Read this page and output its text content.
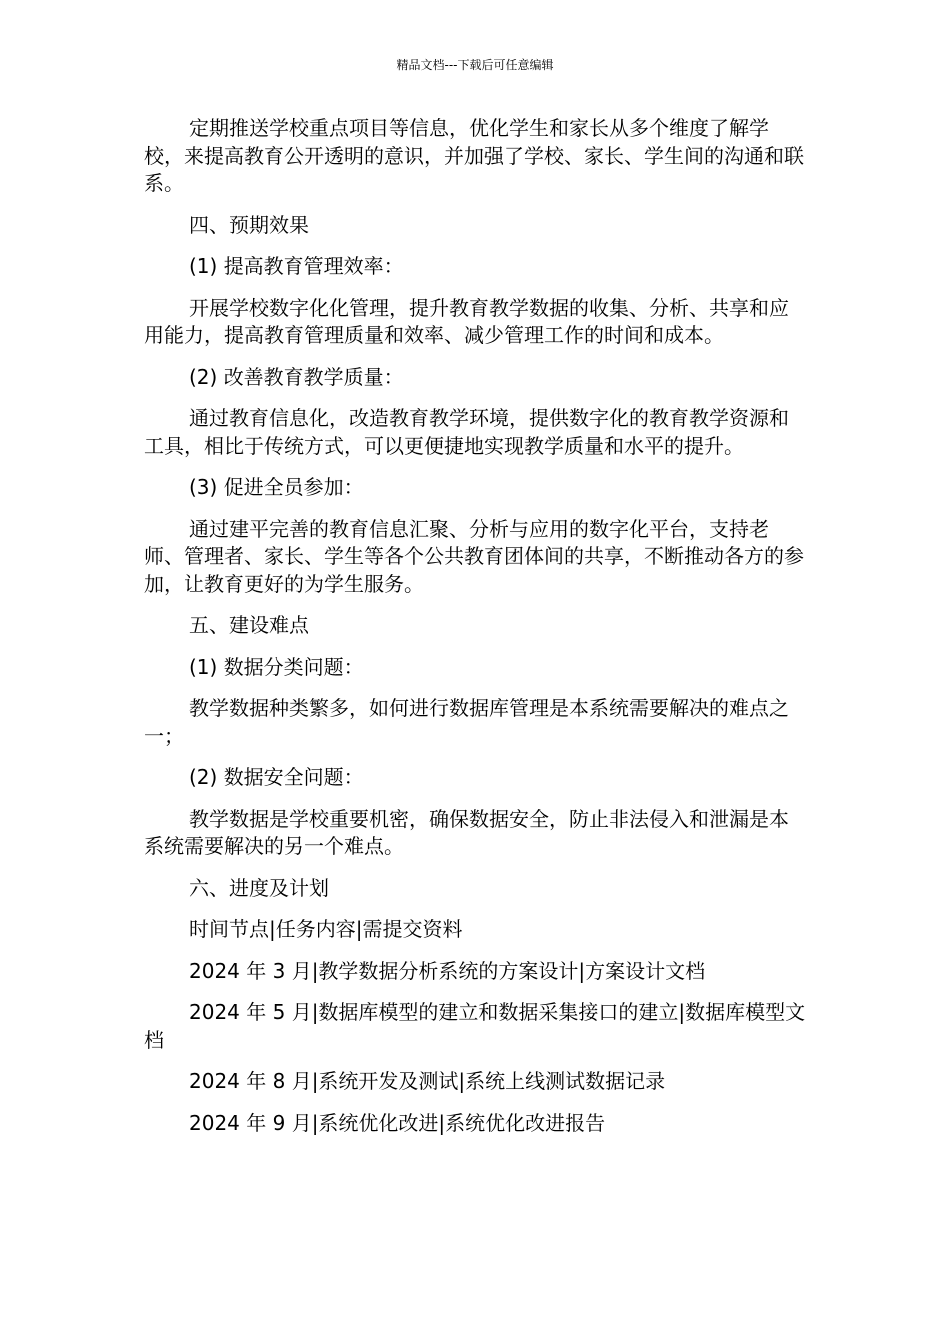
精品文档---下载后可任意编辑

定期推送学校重点项目等信息，优化学生和家长从多个维度了解学校，来提高教育公开透明的意识，并加强了学校、家长、学生间的沟通和联系。

四、预期效果

(1) 提高教育管理效率：

开展学校数字化化管理，提升教育教学数据的收集、分析、共享和应用能力，提高教育管理质量和效率、减少管理工作的时间和成本。

(2) 改善教育教学质量：

通过教育信息化，改造教育教学环境，提供数字化的教育教学资源和工具，相比于传统方式，可以更便捷地实现教学质量和水平的提升。

(3) 促进全员参加：

通过建平完善的教育信息汇聚、分析与应用的数字化平台，支持老师、管理者、家长、学生等各个公共教育团体间的共享，不断推动各方的参加，让教育更好的为学生服务。

五、建设难点

(1) 数据分类问题：

教学数据种类繁多，如何进行数据库管理是本系统需要解决的难点之一；

(2) 数据安全问题：

教学数据是学校重要机密，确保数据安全，防止非法侵入和泄漏是本系统需要解决的另一个难点。

六、进度及计划

时间节点|任务内容|需提交资料

2024 年 3 月|教学数据分析系统的方案设计|方案设计文档

2024 年 5 月|数据库模型的建立和数据采集接口的建立|数据库模型文档

2024 年 8 月|系统开发及测试|系统上线测试数据记录

2024 年 9 月|系统优化改进|系统优化改进报告
